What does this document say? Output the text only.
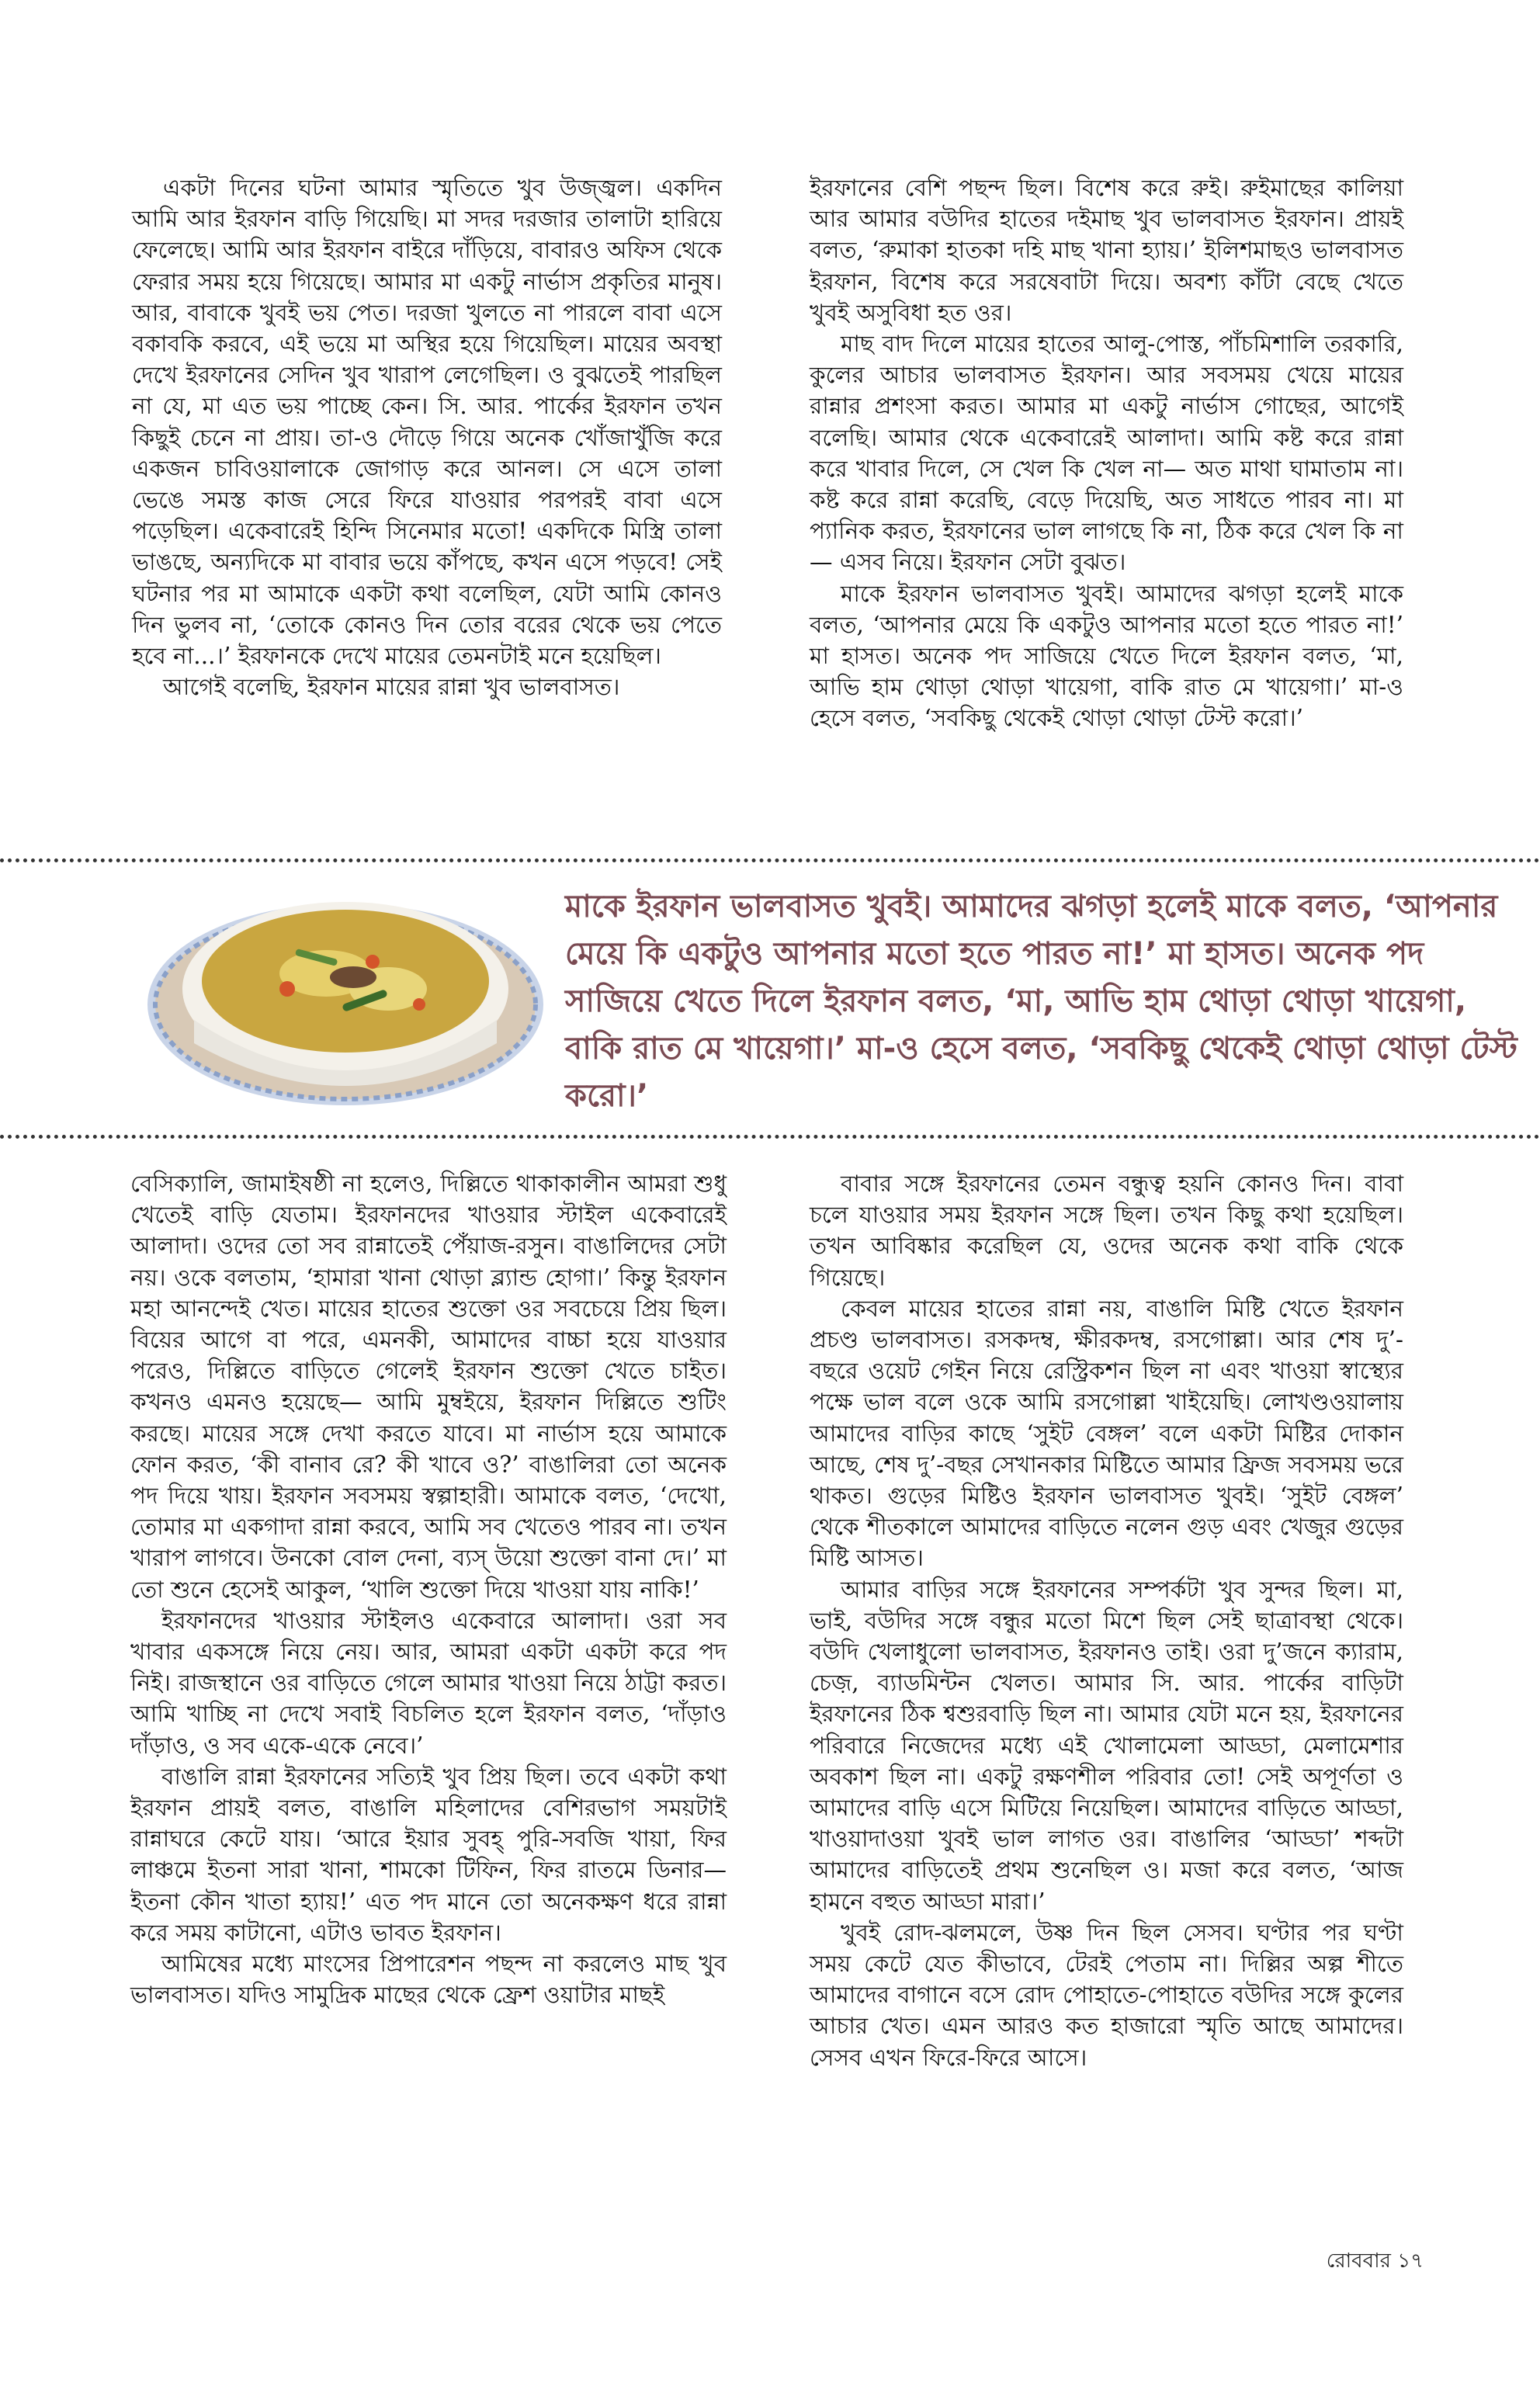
একটা দিনের ঘটনা আমার স্মৃতিতে খুব উজ্জ্বল। একদিন আমি আর ইরফান বাড়ি গিয়েছি। মা সদর দরজার তালাটা হারিয়ে ফেলেছে। আমি আর ইরফান বাইরে দাঁড়িয়ে, বাবারও অফিস থেকে ফেরার সময় হয়ে গিয়েছে। আমার মা একটু নার্ভাস প্রকৃতির মানুষ। আর, বাবাকে খুবই ভয় পেত। দরজা খুলতে না পারলে বাবা এসে বকাবকি করবে, এই ভয়ে মা অস্থির হয়ে গিয়েছিল। মায়ের অবস্থা দেখে ইরফানের সেদিন খুব খারাপ লেগেছিল। ও বুঝতেই পারছিল না যে, মা এত ভয় পাচ্ছে কেন। সি. আর. পার্কের ইরফান তখন কিছুই চেনে না প্রায়। তা-ও দৌড়ে গিয়ে অনেক খোঁজাখুঁজি করে একজন চাবিওয়ালাকে জোগাড় করে আনল। সে এসে তালা ভেঙে সমস্ত কাজ সেরে ফিরে যাওয়ার পরপরই বাবা এসে পড়েছিল। একেবারেই হিন্দি সিনেমার মতো! একদিকে মিস্ত্রি তালা ভাঙছে, অন্যদিকে মা বাবার ভয়ে কাঁপছে, কখন এসে পড়বে! সেই ঘটনার পর মা আমাকে একটা কথা বলেছিল, যেটা আমি কোনও দিন ভুলব না, ‘তোকে কোনও দিন তোর বরের থেকে ভয় পেতে হবে না...।’ ইরফানকে দেখে মায়ের তেমনটাই মনে হয়েছিল।

আগেই বলেছি, ইরফান মায়ের রান্না খুব ভালবাসত।

ইরফানের বেশি পছন্দ ছিল। বিশেষ করে রুই। রুইমাছের কালিয়া আর আমার বউদির হাতের দইমাছ খুব ভালবাসত ইরফান। প্রায়ই বলত, ‘রুমাকা হাতকা দহি মাছ খানা হ্যায়।’ ইলিশমাছও ভালবাসত ইরফান, বিশেষ করে সরষেবাটা দিয়ে। অবশ্য কাঁটা বেছে খেতে খুবই অসুবিধা হত ওর।

মাছ বাদ দিলে মায়ের হাতের আলু-পোস্ত, পাঁচমিশালি তরকারি, কুলের আচার ভালবাসত ইরফান। আর সবসময় খেয়ে মায়ের রান্নার প্রশংসা করত। আমার মা একটু নার্ভাস গোছের, আগেই বলেছি। আমার থেকে একেবারেই আলাদা। আমি কষ্ট করে রান্না করে খাবার দিলে, সে খেল কি খেল না— অত মাথা ঘামাতাম না। কষ্ট করে রান্না করেছি, বেড়ে দিয়েছি, অত সাধতে পারব না। মা প্যানিক করত, ইরফানের ভাল লাগছে কি না, ঠিক করে খেল কি না— এসব নিয়ে। ইরফান সেটা বুঝত।

মাকে ইরফান ভালবাসত খুবই। আমাদের ঝগড়া হলেই মাকে বলত, ‘আপনার মেয়ে কি একটুও আপনার মতো হতে পারত না!’ মা হাসত। অনেক পদ সাজিয়ে খেতে দিলে ইরফান বলত, ‘মা, আভি হাম থোড়া থোড়া খায়েগা, বাকি রাত মে খায়েগা।’ মা-ও হেসে বলত, ‘সবকিছু থেকেই থোড়া থোড়া টেস্ট করো।’

মাকে ইরফান ভালবাসত খুবই। আমাদের ঝগড়া হলেই মাকে বলত, ‘আপনার মেয়ে কি একটুও আপনার মতো হতে পারত না!’ মা হাসত। অনেক পদ সাজিয়ে খেতে দিলে ইরফান বলত, ‘মা, আভি হাম থোড়া থোড়া খায়েগা, বাকি রাত মে খায়েগা।’ মা-ও হেসে বলত, ‘সবকিছু থেকেই থোড়া থোড়া টেস্ট করো।’

বেসিক্যালি, জামাইষষ্ঠী না হলেও, দিল্লিতে থাকাকালীন আমরা শুধু খেতেই বাড়ি যেতাম। ইরফানদের খাওয়ার স্টাইল একেবারেই আলাদা। ওদের তো সব রান্নাতেই পেঁয়াজ-রসুন। বাঙালিদের সেটা নয়। ওকে বলতাম, ‘হামারা খানা থোড়া ব্ল্যান্ড হোগা।’ কিন্তু ইরফান মহা আনন্দেই খেত। মায়ের হাতের শুক্তো ওর সবচেয়ে প্রিয় ছিল। বিয়ের আগে বা পরে, এমনকী, আমাদের বাচ্চা হয়ে যাওয়ার পরেও, দিল্লিতে বাড়িতে গেলেই ইরফান শুক্তো খেতে চাইত। কখনও এমনও হয়েছে— আমি মুম্বইয়ে, ইরফান দিল্লিতে শুটিং করছে। মায়ের সঙ্গে দেখা করতে যাবে। মা নার্ভাস হয়ে আমাকে ফোন করত, ‘কী বানাব রে? কী খাবে ও?’ বাঙালিরা তো অনেক পদ দিয়ে খায়। ইরফান সবসময় স্বল্পাহারী। আমাকে বলত, ‘দেখো, তোমার মা একগাদা রান্না করবে, আমি সব খেতেও পারব না। তখন খারাপ লাগবে। উনকো বোল দেনা, ব্যস্ উয়ো শুক্তো বানা দে।’ মা তো শুনে হেসেই আকুল, ‘খালি শুক্তো দিয়ে খাওয়া যায় নাকি!’

ইরফানদের খাওয়ার স্টাইলও একেবারে আলাদা। ওরা সব খাবার একসঙ্গে নিয়ে নেয়। আর, আমরা একটা একটা করে পদ নিই। রাজস্থানে ওর বাড়িতে গেলে আমার খাওয়া নিয়ে ঠাট্টা করত। আমি খাচ্ছি না দেখে সবাই বিচলিত হলে ইরফান বলত, ‘দাঁড়াও দাঁড়াও, ও সব একে-একে নেবে।’

বাঙালি রান্না ইরফানের সত্যিই খুব প্রিয় ছিল। তবে একটা কথা ইরফান প্রায়ই বলত, বাঙালি মহিলাদের বেশিরভাগ সময়টাই রান্নাঘরে কেটে যায়। ‘আরে ইয়ার সুবহ্ পুরি-সবজি খায়া, ফির লাঞ্চমে ইতনা সারা খানা, শামকো টিফিন, ফির রাতমে ডিনার— ইতনা কৌন খাতা হ্যায়!’ এত পদ মানে তো অনেকক্ষণ ধরে রান্না করে সময় কাটানো, এটাও ভাবত ইরফান।

আমিষের মধ্যে মাংসের প্রিপারেশন পছন্দ না করলেও মাছ খুব ভালবাসত। যদিও সামুদ্রিক মাছের থেকে ফ্রেশ ওয়াটার মাছই

বাবার সঙ্গে ইরফানের তেমন বন্ধুত্ব হয়নি কোনও দিন। বাবা চলে যাওয়ার সময় ইরফান সঙ্গে ছিল। তখন কিছু কথা হয়েছিল। তখন আবিষ্কার করেছিল যে, ওদের অনেক কথা বাকি থেকে গিয়েছে।

কেবল মায়ের হাতের রান্না নয়, বাঙালি মিষ্টি খেতে ইরফান প্রচণ্ড ভালবাসত। রসকদম্ব, ক্ষীরকদম্ব, রসগোল্লা। আর শেষ দু’-বছরে ওয়েট গেইন নিয়ে রেস্ট্রিকশন ছিল না এবং খাওয়া স্বাস্থ্যের পক্ষে ভাল বলে ওকে আমি রসগোল্লা খাইয়েছি। লোখণ্ডওয়ালায় আমাদের বাড়ির কাছে ‘সুইট বেঙ্গল’ বলে একটা মিষ্টির দোকান আছে, শেষ দু’-বছর সেখানকার মিষ্টিতে আমার ফ্রিজ সবসময় ভরে থাকত। গুড়ের মিষ্টিও ইরফান ভালবাসত খুবই। ‘সুইট বেঙ্গল’ থেকে শীতকালে আমাদের বাড়িতে নলেন গুড় এবং খেজুর গুড়ের মিষ্টি আসত।

আমার বাড়ির সঙ্গে ইরফানের সম্পর্কটা খুব সুন্দর ছিল। মা, ভাই, বউদির সঙ্গে বন্ধুর মতো মিশে ছিল সেই ছাত্রাবস্থা থেকে। বউদি খেলাধুলো ভালবাসত, ইরফানও তাই। ওরা দু’জনে ক্যারাম, চেজ়, ব্যাডমিন্টন খেলত। আমার সি. আর. পার্কের বাড়িটা ইরফানের ঠিক শ্বশুরবাড়ি ছিল না। আমার যেটা মনে হয়, ইরফানের পরিবারে নিজেদের মধ্যে এই খোলামেলা আড্ডা, মেলামেশার অবকাশ ছিল না। একটু রক্ষণশীল পরিবার তো! সেই অপূর্ণতা ও আমাদের বাড়ি এসে মিটিয়ে নিয়েছিল। আমাদের বাড়িতে আড্ডা, খাওয়াদাওয়া খুবই ভাল লাগত ওর। বাঙালির ‘আড্ডা’ শব্দটা আমাদের বাড়িতেই প্রথম শুনেছিল ও। মজা করে বলত, ‘আজ হামনে বহুত আড্ডা মারা।’

খুবই রোদ-ঝলমলে, উষ্ণ দিন ছিল সেসব। ঘণ্টার পর ঘণ্টা সময় কেটে যেত কীভাবে, টেরই পেতাম না। দিল্লির অল্প শীতে আমাদের বাগানে বসে রোদ পোহাতে-পোহাতে বউদির সঙ্গে কুলের আচার খেত। এমন আরও কত হাজারো স্মৃতি আছে আমাদের। সেসব এখন ফিরে-ফিরে আসে।

রোববার ১৭
